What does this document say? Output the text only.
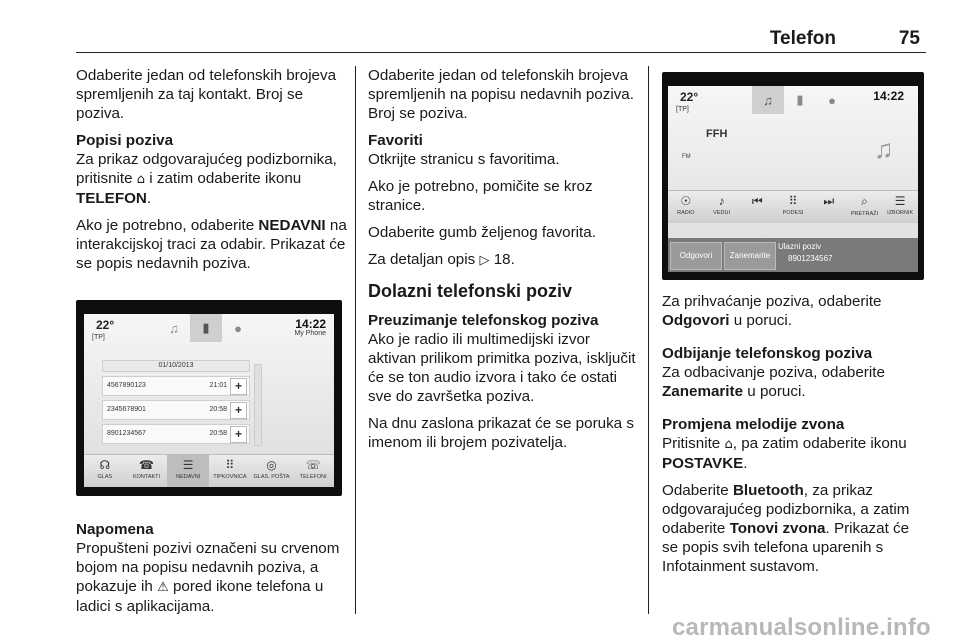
Telefon	75

Odaberite jedan od telefonskih brojeva spremljenih za taj kontakt. Broj se poziva.

Popisi poziva

Za prikaz odgovarajućeg podizbornika, pritisnite ⌂ i zatim odaberite ikonu TELEFON.

Ako je potrebno, odaberite NEDAVNI na interakcijskoj traci za odabir. Prikazat će se popis nedavnih poziva.

22°
[TP]
♫	▮	●	14:22
My Phone
01/10/2013
4567890123	21:01 +
2345678901	20:58 +
8901234567	20:58 +
☊
GLAS
☎
KONTAKTI
☰
NEDAVNI
⠿
TIPKOVNICA
◎
GLAS. POŠTA
☏
TELEFONI

Napomena

Propušteni pozivi označeni su crvenom bojom na popisu nedavnih poziva, a pokazuje ih ⚠ pored ikone telefona u ladici s aplikacijama.

Odaberite jedan od telefonskih brojeva spremljenih na popisu nedavnih poziva. Broj se poziva.

Favoriti

Otkrijte stranicu s favoritima.

Ako je potrebno, pomičite se kroz stranice.

Odaberite gumb željenog favorita.

Za detaljan opis ▷ 18.

Dolazni telefonski poziv

Preuzimanje telefonskog poziva

Ako je radio ili multimedijski izvor aktivan prilikom primitka poziva, isključit će se ton audio izvora i tako će ostati sve do završetka poziva.

Na dnu zaslona prikazat će se poruka s imenom ili brojem pozivatelja.

22°
[TP]
♫	▮	●	14:22
FFH
FM	♫
☉
RADIO
♪
VEDUI
⏮	⠿
PODESI
⏭	⌕
PRETRAŽI
☰
IZBORNIK
Odgovori	Zanemarite
Ulazni poziv
8901234567

Za prihvaćanje poziva, odaberite Odgovori u poruci.

Odbijanje telefonskog poziva

Za odbacivanje poziva, odaberite Zanemarite u poruci.

Promjena melodije zvona

Pritisnite ⌂, pa zatim odaberite ikonu POSTAVKE.

Odaberite Bluetooth, za prikaz odgovarajućeg podizbornika, a zatim odaberite Tonovi zvona. Prikazat će se popis svih telefona uparenih s Infotainment sustavom.

carmanualsonline.info
